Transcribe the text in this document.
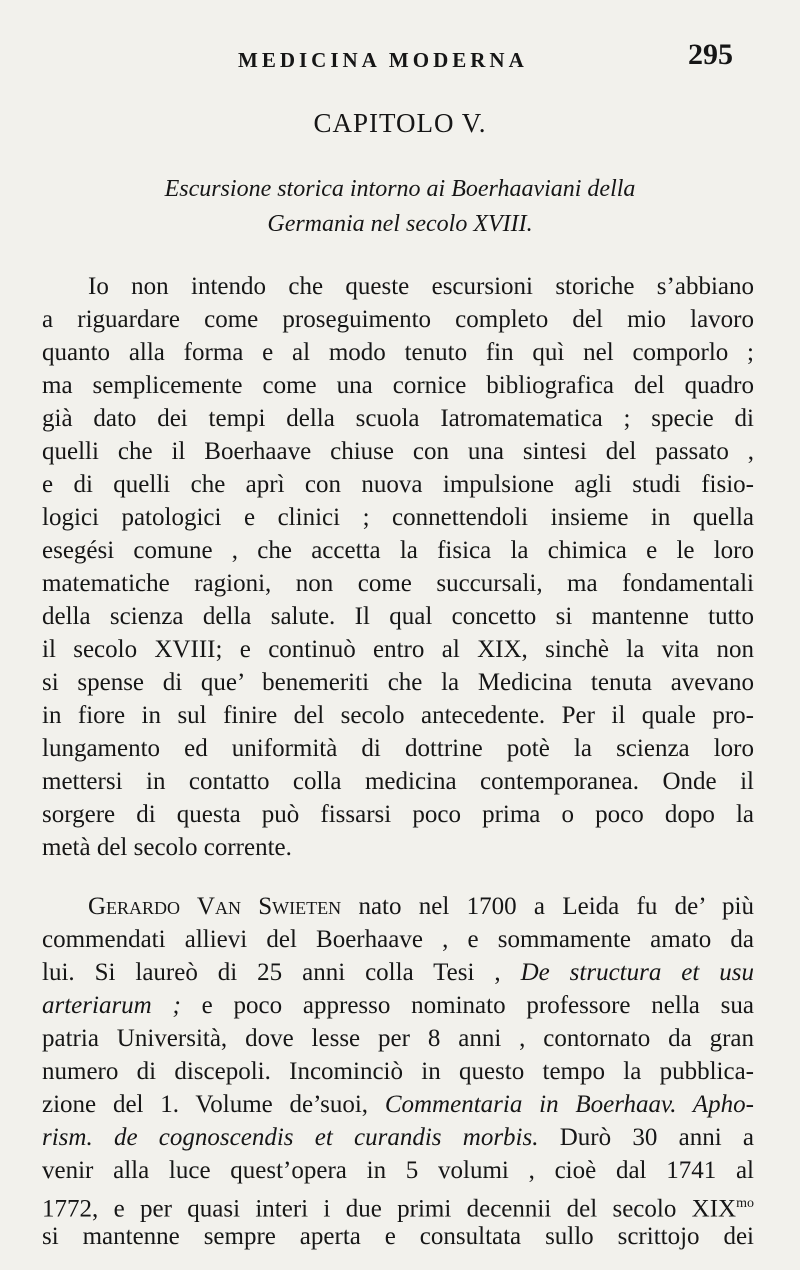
MEDICINA MODERNA	295
CAPITOLO V.
Escursione storica intorno ai Boerhaaviani della
Germania nel secolo XVIII.
Io non intendo che queste escursioni storiche s’abbiano
a riguardare come proseguimento completo del mio lavoro
quanto alla forma e al modo tenuto fin quì nel comporlo ;
ma semplicemente come una cornice bibliografica del quadro
già dato dei tempi della scuola Iatromatematica ; specie di
quelli che il Boerhaave chiuse con una sintesi del passato ,
e di quelli che aprì con nuova impulsione agli studi fisio-
logici patologici e clinici ; connettendoli insieme in quella
esegési comune , che accetta la fisica la chimica e le loro
matematiche ragioni, non come succursali, ma fondamentali
della scienza della salute. Il qual concetto si mantenne tutto
il secolo XVIII; e continuò entro al XIX, sinchè la vita non
si spense di que’ benemeriti che la Medicina tenuta avevano
in fiore in sul finire del secolo antecedente. Per il quale pro-
lungamento ed uniformità di dottrine potè la scienza loro
mettersi in contatto colla medicina contemporanea. Onde il
sorgere di questa può fissarsi poco prima o poco dopo la
metà del secolo corrente.
Gerardo Van Swieten nato nel 1700 a Leida fu de’ più
commendati allievi del Boerhaave , e sommamente amato da
lui. Si laureò di 25 anni colla Tesi , De structura et usu
arteriarum ; e poco appresso nominato professore nella sua
patria Università, dove lesse per 8 anni , contornato da gran
numero di discepoli. Incominciò in questo tempo la pubblica-
zione del 1. Volume de’suoi, Commentaria in Boerhaav. Apho-
rism. de cognoscendis et curandis morbis. Durò 30 anni a
venir alla luce quest’opera in 5 volumi , cioè dal 1741 al
1772, e per quasi interi i due primi decennii del secolo $XIX^{mo}$
si mantenne sempre aperta e consultata sullo scrittojo dei
